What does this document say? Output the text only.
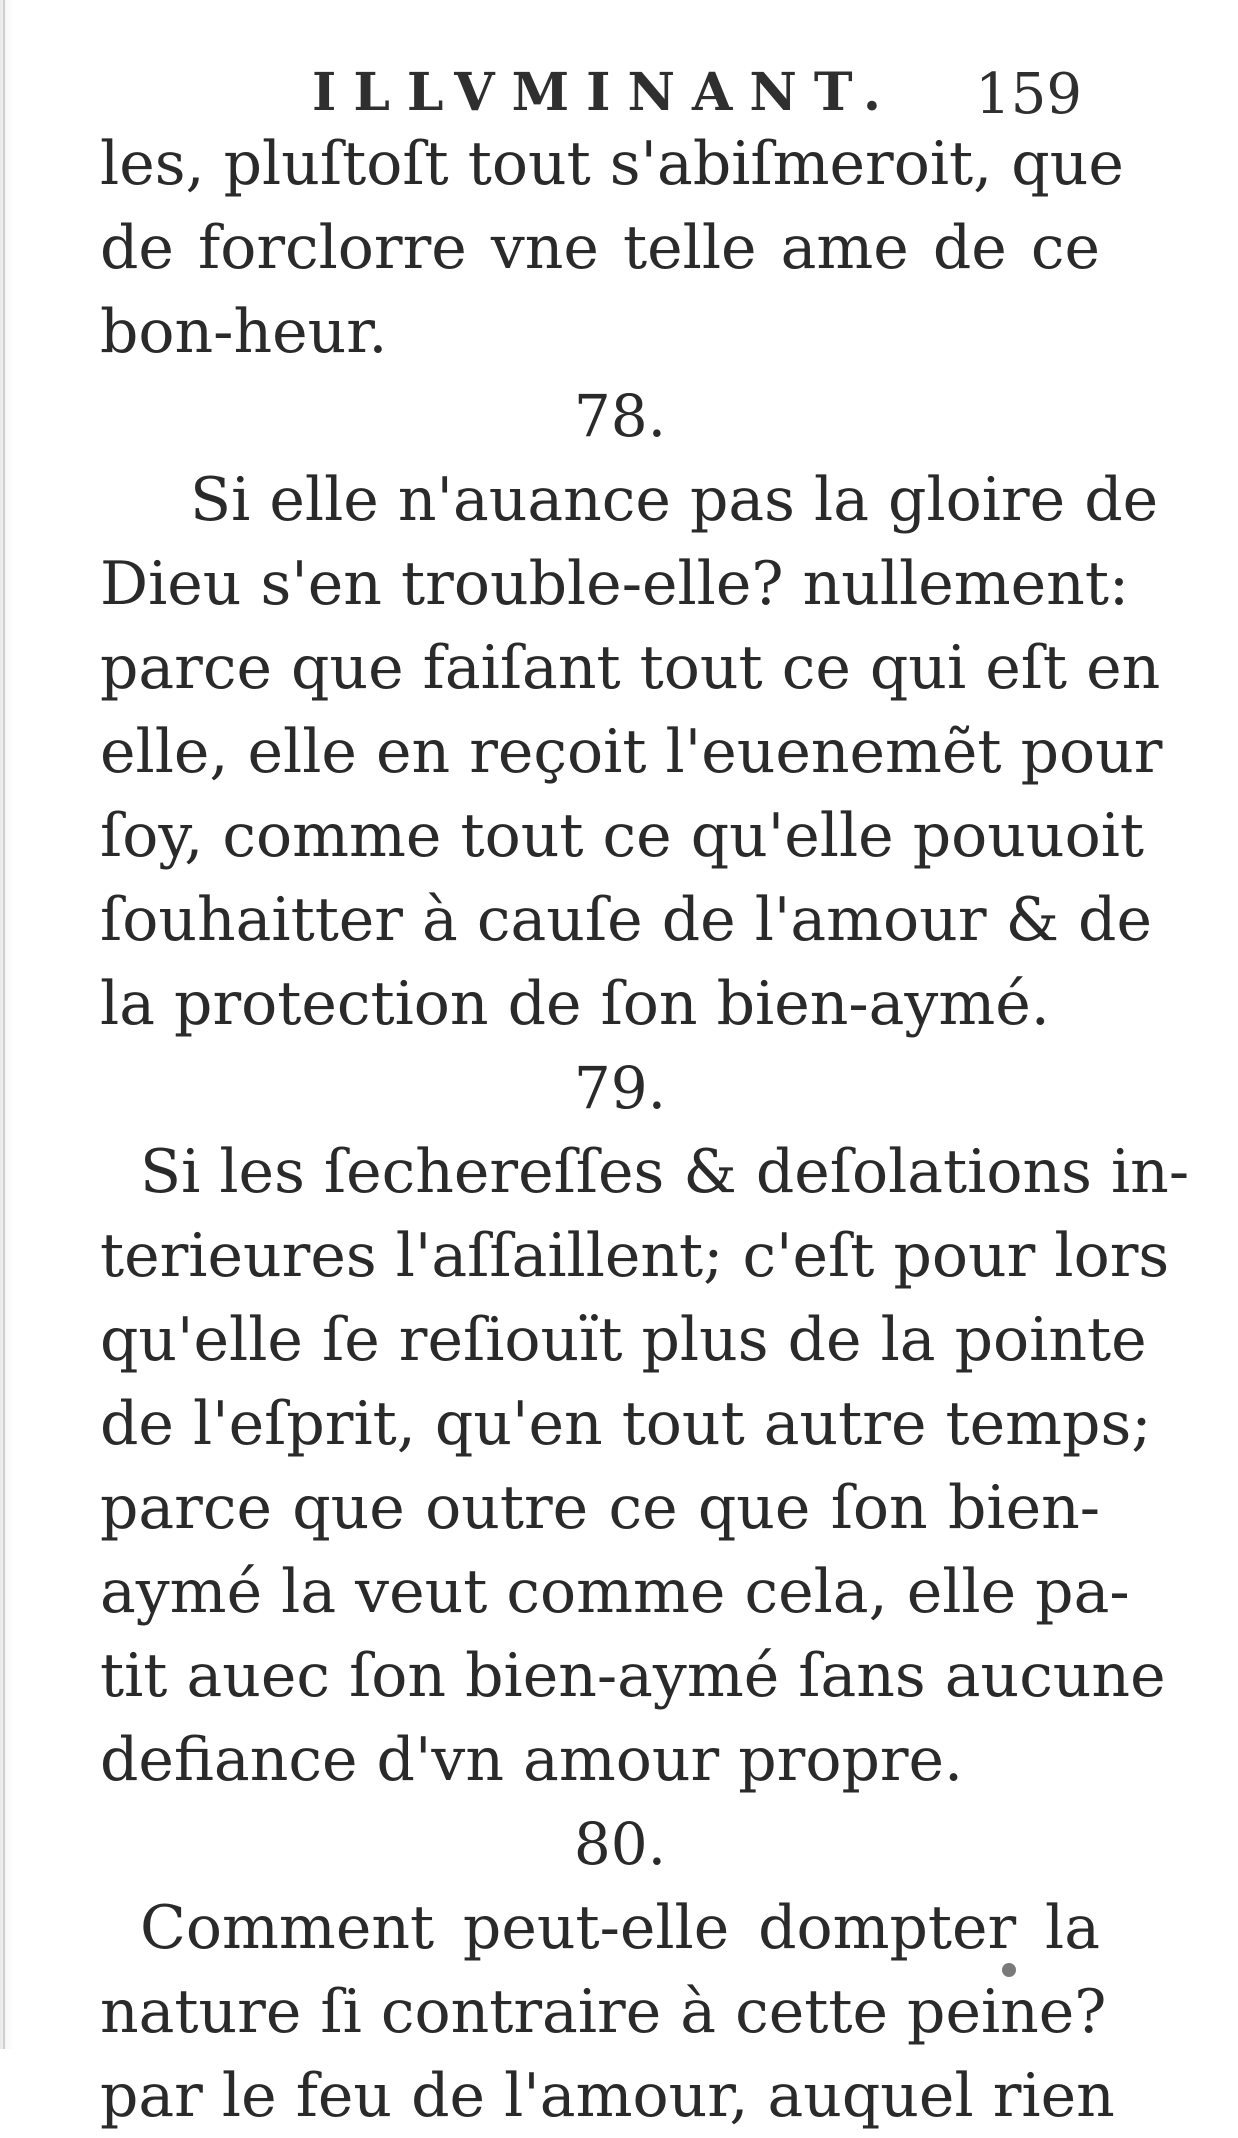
ILLVMINANT. 159
les, pluſtoſt tout s'abiſmeroit, que
de forclorre vne telle ame de ce
bon-heur.
78.
Si elle n'auance pas la gloire de
Dieu s'en trouble-elle? nullement:
parce que faiſant tout ce qui eſt en
elle, elle en reçoit l'euenemẽt pour
ſoy, comme tout ce qu'elle pouuoit
ſouhaitter à cauſe de l'amour & de
la protection de ſon bien-aymé.
79.
Si les ſechereſſes & deſolations in-
terieures l'aſſaillent; c'eſt pour lors
qu'elle ſe reſiouït plus de la pointe
de l'eſprit, qu'en tout autre temps;
parce que outre ce que ſon bien-
aymé la veut comme cela, elle pa-
tit auec ſon bien-aymé ſans aucune
defiance d'vn amour propre.
80.
Comment peut-elle dompter la
nature ſi contraire à cette peine?
par le feu de l'amour, auquel rien
